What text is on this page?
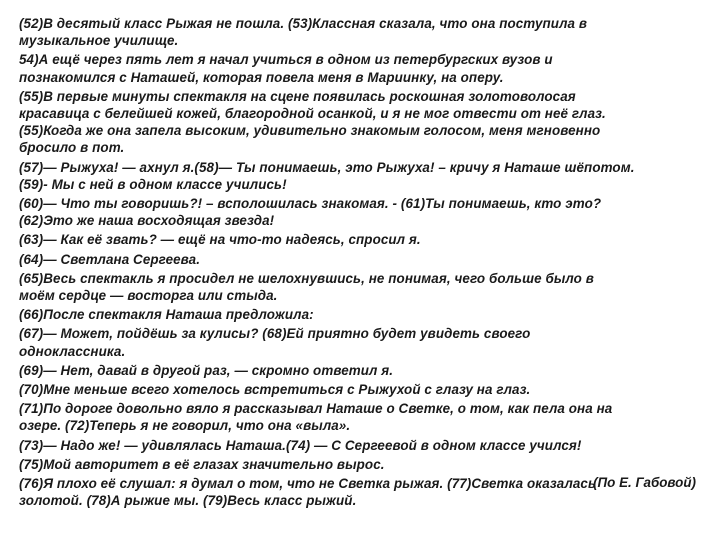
(52)В десятый класс Рыжая не пошла. (53)Классная сказала, что она поступила в
музыкальное училище.

54)А ещё через пять лет я начал учиться в одном из петербургских вузов и
познакомился с Наташей, которая повела меня в Мариинку, на оперу.

(55)В первые минуты спектакля на сцене появилась роскошная золотоволосая
красавица с белейшей кожей, благородной осанкой, и я не мог отвести от неё глаз.
(55)Когда же она запела высоким, удивительно знакомым голосом, меня мгновенно
бросило в пот.

(57)— Рыжуха! — ахнул я.(58)— Ты понимаешь, это Рыжуха! – кричу я Наташе шёпотом.
(59)- Мы с ней в одном классе учились!

(60)— Что ты говоришь?! – всполошилась знакомая. - (61)Ты понимаешь, кто это?
(62)Это же наша восходящая звезда!

(63)— Как её звать? — ещё на что-то надеясь, спросил я.

(64)— Светлана Сергеева.

(65)Весь спектакль я просидел не шелохнувшись, не понимая, чего больше было в
моём сердце — восторга или стыда.

(66)После спектакля Наташа предложила:

(67)— Может, пойдёшь за кулисы? (68)Ей приятно будет увидеть своего
одноклассника.

(69)— Нет, давай в другой раз, — скромно ответил я.

(70)Мне меньше всего хотелось встретиться с Рыжухой с глазу на глаз.

(71)По дороге довольно вяло я рассказывал Наташе о Светке, о том, как пела она на
озере. (72)Теперь я не говорил, что она «выла».

(73)— Надо же! — удивлялась Наташа.(74) — С Сергеевой в одном классе учился!

(75)Мой авторитет в её глазах значительно вырос.

(76)Я плохо её слушал: я думал о том, что не Светка рыжая. (77)Светка оказалась
золотой. (78)А рыжие мы. (79)Весь класс рыжий.

(По Е. Габовой)
